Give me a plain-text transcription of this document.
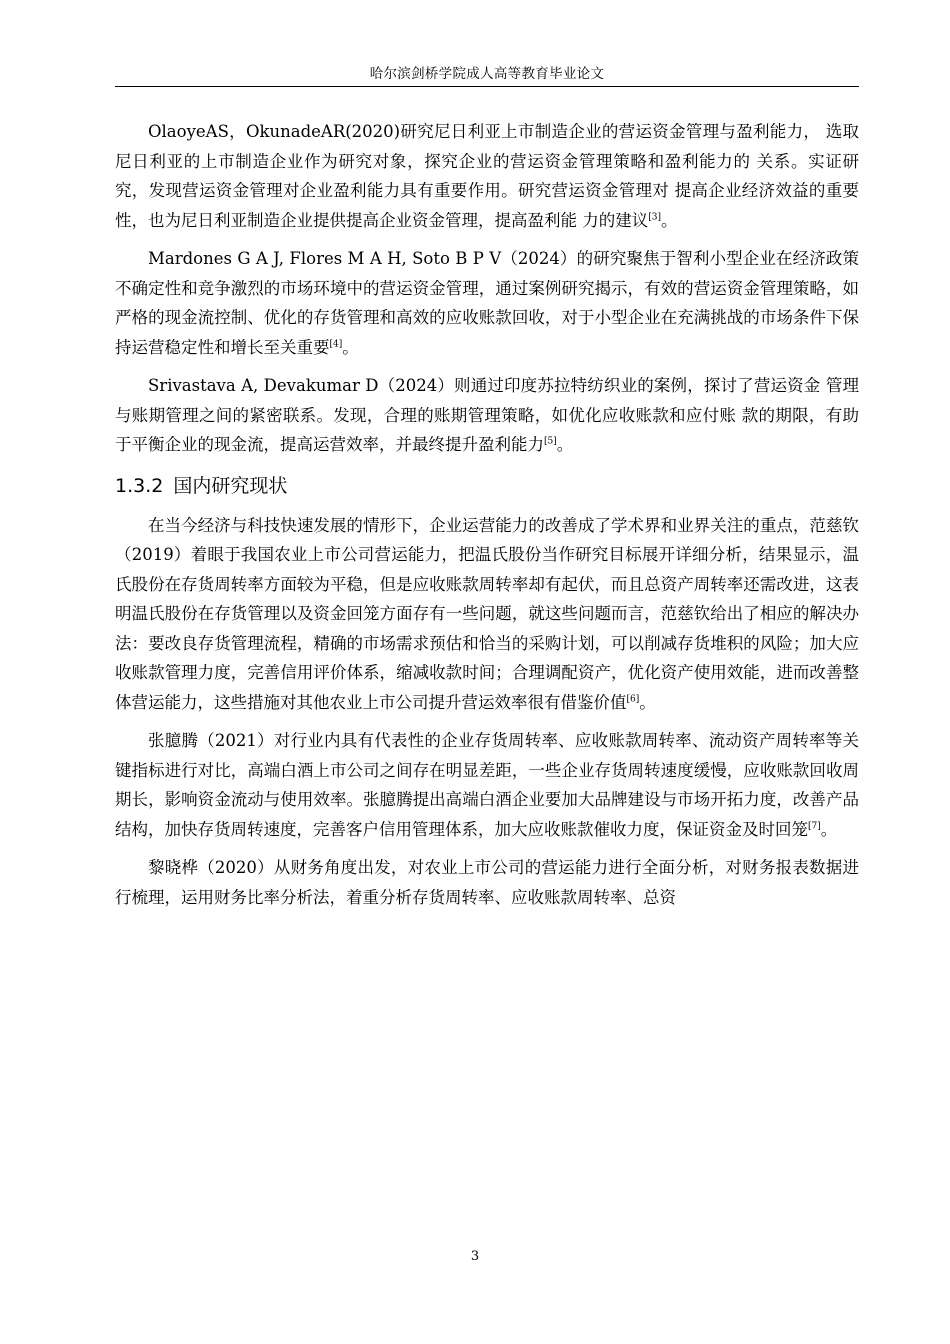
哈尔滨剑桥学院成人高等教育毕业论文

OlaoyeAS，OkunadeAR(2020)研究尼日利亚上市制造企业的营运资金管理与盈利能力， 选取尼日利亚的上市制造企业作为研究对象，探究企业的营运资金管理策略和盈利能力的 关系。实证研究，发现营运资金管理对企业盈利能力具有重要作用。研究营运资金管理对 提高企业经济效益的重要性，也为尼日利亚制造企业提供提高企业资金管理，提高盈利能 力的建议[3]。

Mardones G A J, Flores M A H, Soto B P V（2024）的研究聚焦于智利小型企业在经济政策不确定性和竞争激烈的市场环境中的营运资金管理，通过案例研究揭示，有效的营运资金管理策略，如严格的现金流控制、优化的存货管理和高效的应收账款回收，对于小型企业在充满挑战的市场条件下保持运营稳定性和增长至关重要[4]。

Srivastava A, Devakumar D（2024）则通过印度苏拉特纺织业的案例，探讨了营运资金 管理与账期管理之间的紧密联系。发现，合理的账期管理策略，如优化应收账款和应付账 款的期限，有助于平衡企业的现金流，提高运营效率，并最终提升盈利能力[5]。

1.3.2 国内研究现状

在当今经济与科技快速发展的情形下，企业运营能力的改善成了学术界和业界关注的重点，范慈钦（2019）着眼于我国农业上市公司营运能力，把温氏股份当作研究目标展开详细分析，结果显示，温氏股份在存货周转率方面较为平稳，但是应收账款周转率却有起伏，而且总资产周转率还需改进，这表明温氏股份在存货管理以及资金回笼方面存有一些问题，就这些问题而言，范慈钦给出了相应的解决办法：要改良存货管理流程，精确的市场需求预估和恰当的采购计划，可以削减存货堆积的风险；加大应收账款管理力度，完善信用评价体系，缩减收款时间；合理调配资产，优化资产使用效能，进而改善整体营运能力，这些措施对其他农业上市公司提升营运效率很有借鉴价值[6]。

张臆腾（2021）对行业内具有代表性的企业存货周转率、应收账款周转率、流动资产周转率等关键指标进行对比，高端白酒上市公司之间存在明显差距，一些企业存货周转速度缓慢，应收账款回收周期长，影响资金流动与使用效率。张臆腾提出高端白酒企业要加大品牌建设与市场开拓力度，改善产品结构，加快存货周转速度，完善客户信用管理体系，加大应收账款催收力度，保证资金及时回笼[7]。

黎晓桦（2020）从财务角度出发，对农业上市公司的营运能力进行全面分析，对财务报表数据进行梳理，运用财务比率分析法，着重分析存货周转率、应收账款周转率、总资

3
